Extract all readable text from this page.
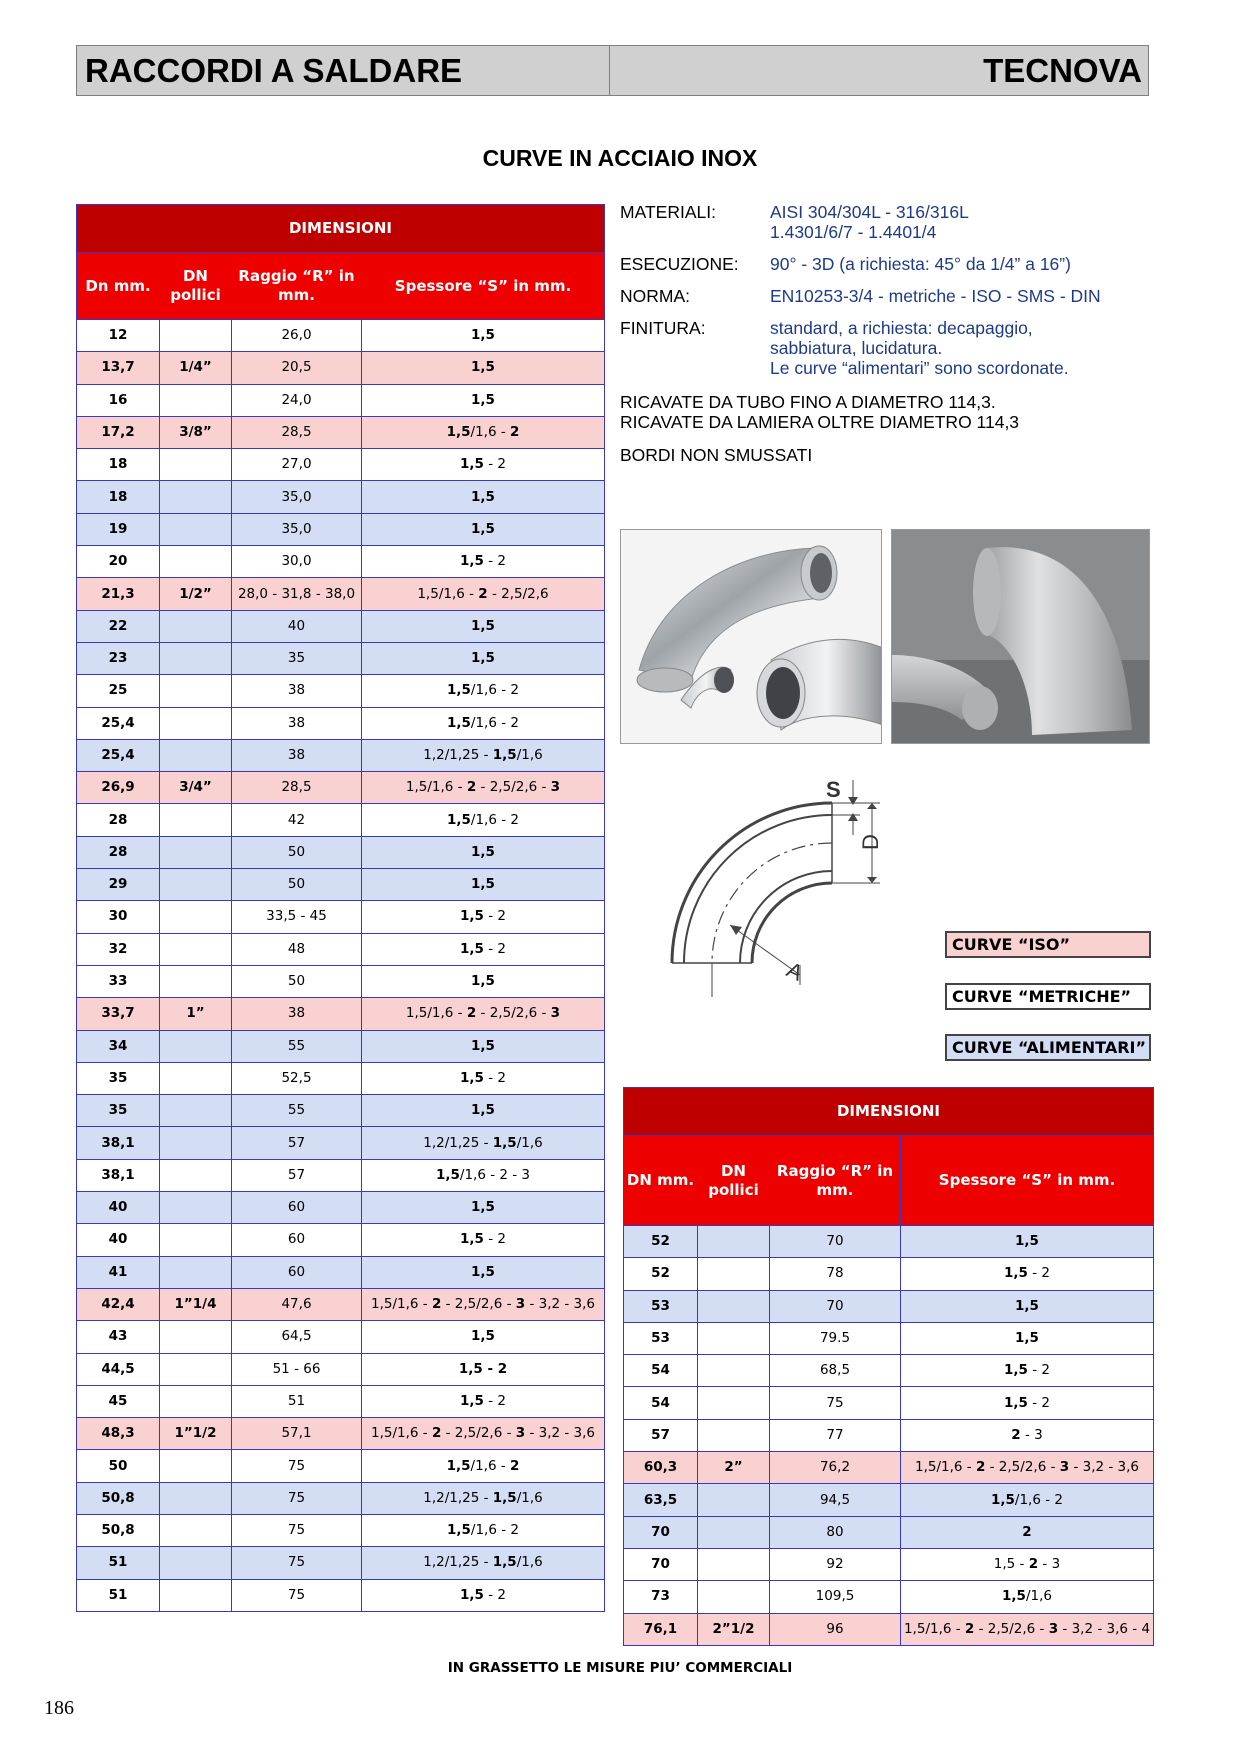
RACCORDI A SALDARE	TECNOVA
CURVE IN ACCIAIO INOX
DIMENSIONI			
Dn mm.	DN pollici	Raggio “R” in mm.	Spessore “S” in mm.
12		26,0	1,5
13,7	1/4”	20,5	1,5
16		24,0	1,5
17,2	3/8”	28,5	1,5/1,6 - 2
18		27,0	1,5 - 2
18		35,0	1,5
19		35,0	1,5
20		30,0	1,5 - 2
21,3	1/2”	28,0 - 31,8 - 38,0	1,5/1,6 - 2 - 2,5/2,6
22		40	1,5
23		35	1,5
25		38	1,5/1,6 - 2
25,4		38	1,5/1,6 - 2
25,4		38	1,2/1,25 - 1,5/1,6
26,9	3/4”	28,5	1,5/1,6 - 2 - 2,5/2,6 - 3
28		42	1,5/1,6 - 2
28		50	1,5
29		50	1,5
30		33,5 - 45	1,5 - 2
32		48	1,5 - 2
33		50	1,5
33,7	1”	38	1,5/1,6 - 2 - 2,5/2,6 - 3
34		55	1,5
35		52,5	1,5 - 2
35		55	1,5
38,1		57	1,2/1,25 - 1,5/1,6
38,1		57	1,5/1,6 - 2 - 3
40		60	1,5
40		60	1,5 - 2
41		60	1,5
42,4	1”1/4	47,6	1,5/1,6 - 2 - 2,5/2,6 - 3 - 3,2 - 3,6
43		64,5	1,5
44,5		51 - 66	1,5 - 2
45		51	1,5 - 2
48,3	1”1/2	57,1	1,5/1,6 - 2 - 2,5/2,6 - 3 - 3,2 - 3,6
50		75	1,5/1,6 - 2
50,8		75	1,2/1,25 - 1,5/1,6
50,8		75	1,5/1,6 - 2
51		75	1,2/1,25 - 1,5/1,6
51		75	1,5 - 2
MATERIALI:	AISI 304/304L - 316/316L
1.4301/6/7 - 1.4401/4
ESECUZIONE:	90° - 3D (a richiesta: 45° da 1/4” a 16”)
NORMA:	EN10253-3/4 - metriche - ISO - SMS - DIN
FINITURA:	standard, a richiesta: decapaggio,
sabbiatura, lucidatura.
Le curve “alimentari” sono scordonate.
RICAVATE DA TUBO FINO A DIAMETRO 114,3.
RICAVATE DA LAMIERA OLTRE DIAMETRO 114,3
BORDI NON SMUSSATI
S
D
A
CURVE “ISO”
CURVE “METRICHE”
CURVE “ALIMENTARI”
DIMENSIONI			
DN mm.	DN pollici	Raggio “R” in mm.	Spessore “S” in mm.
52		70	1,5
52		78	1,5 - 2
53		70	1,5
53		79.5	1,5
54		68,5	1,5 - 2
54		75	1,5 - 2
57		77	2 - 3
60,3	2”	76,2	1,5/1,6 - 2 - 2,5/2,6 - 3 - 3,2 - 3,6
63,5		94,5	1,5/1,6 - 2
70		80	2
70		92	1,5 - 2 - 3
73		109,5	1,5/1,6
76,1	2”1/2	96	1,5/1,6 - 2 - 2,5/2,6 - 3 - 3,2 - 3,6 - 4
IN GRASSETTO LE MISURE PIU’ COMMERCIALI
186
